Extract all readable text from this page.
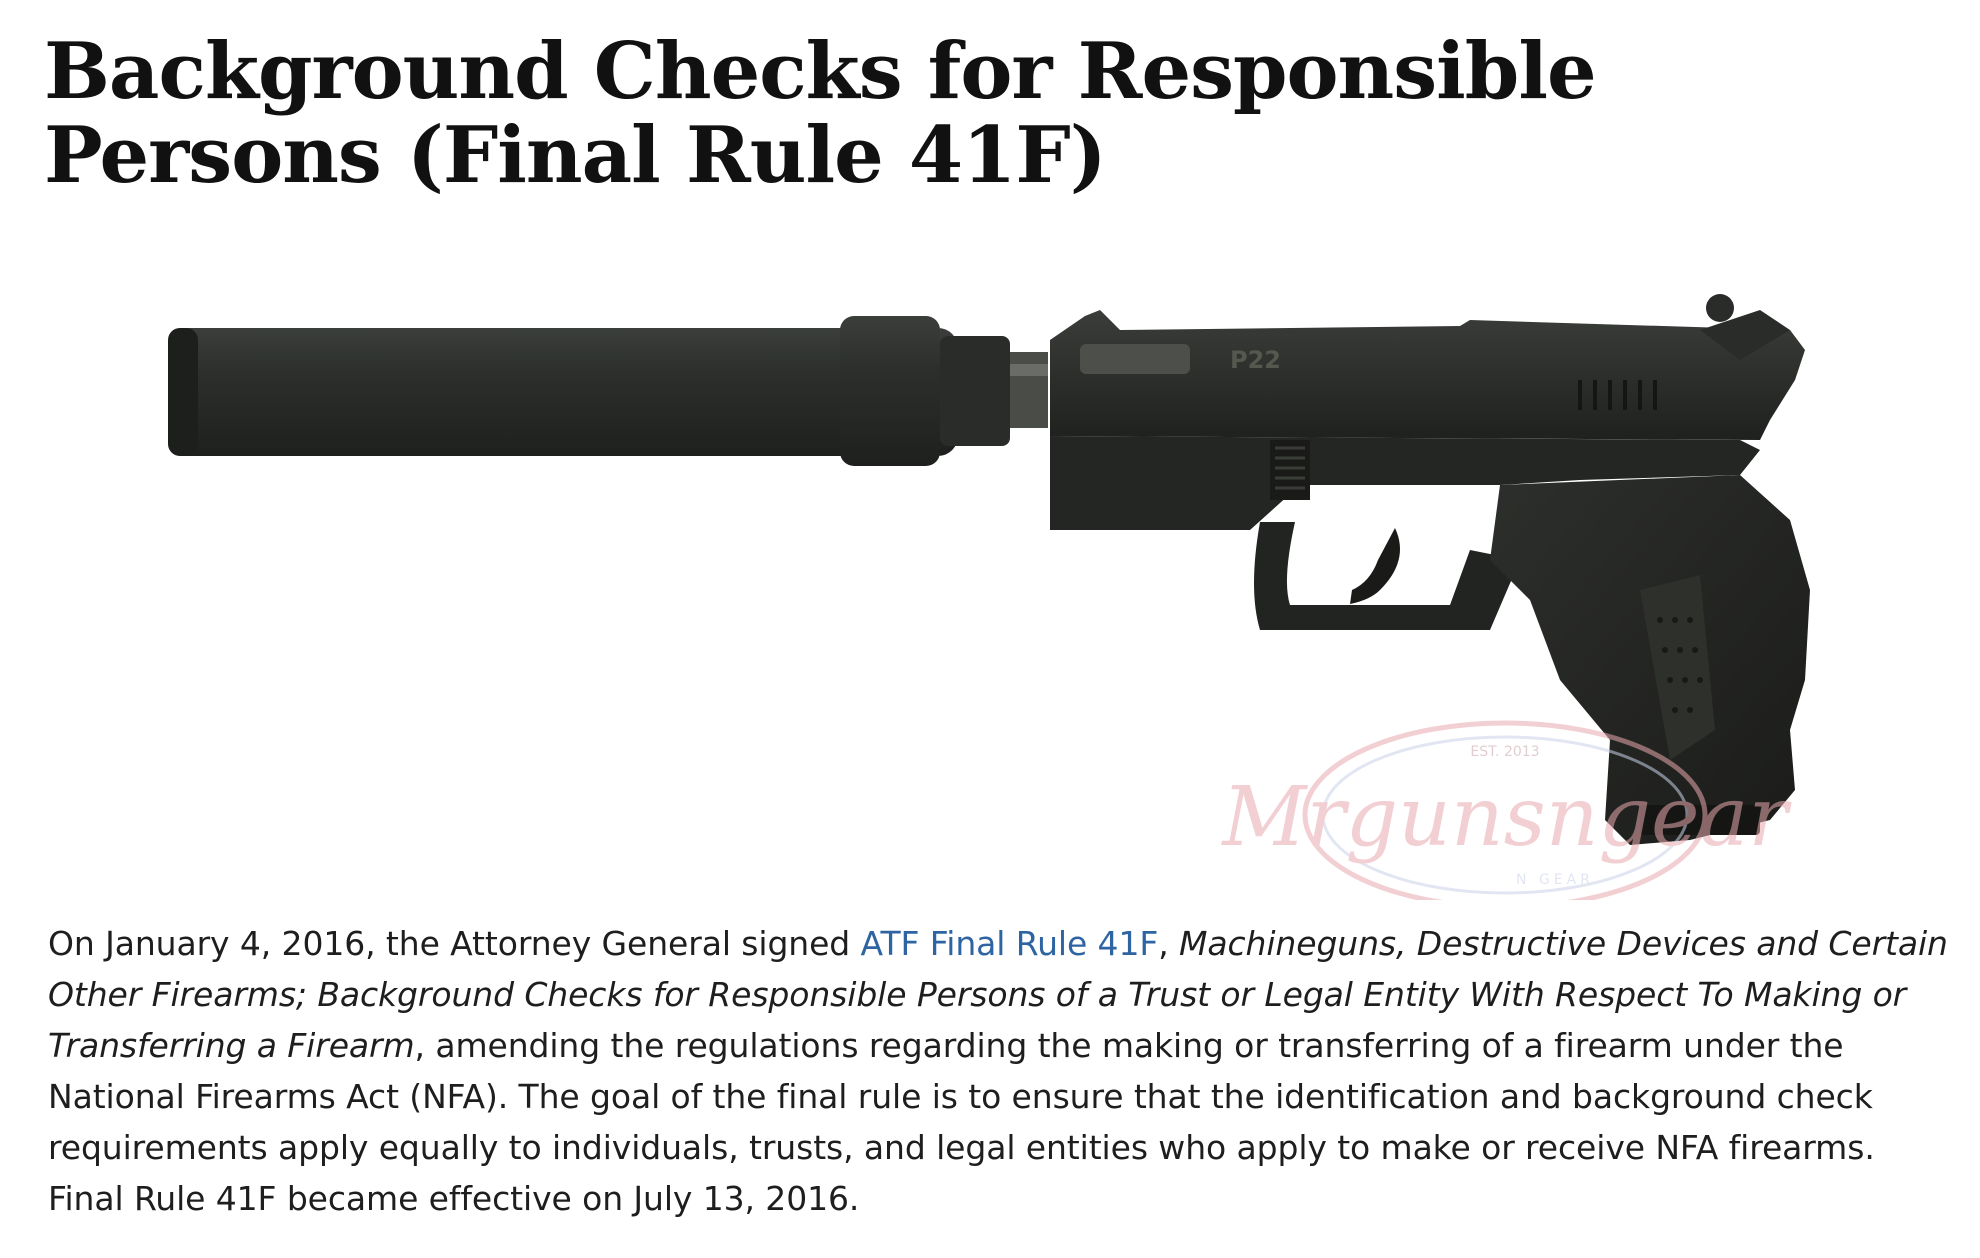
Background Checks for Responsible Persons (Final Rule 41F)
P22
Mrgunsngear
EST. 2013
N GEAR

On January 4, 2016, the Attorney General signed ATF Final Rule 41F, Machineguns, Destructive Devices and Certain Other Firearms; Background Checks for Responsible Persons of a Trust or Legal Entity With Respect To Making or Transferring a Firearm, amending the regulations regarding the making or transferring of a firearm under the National Firearms Act (NFA). The goal of the final rule is to ensure that the identification and background check requirements apply equally to individuals, trusts, and legal entities who apply to make or receive NFA firearms. Final Rule 41F became effective on July 13, 2016.
